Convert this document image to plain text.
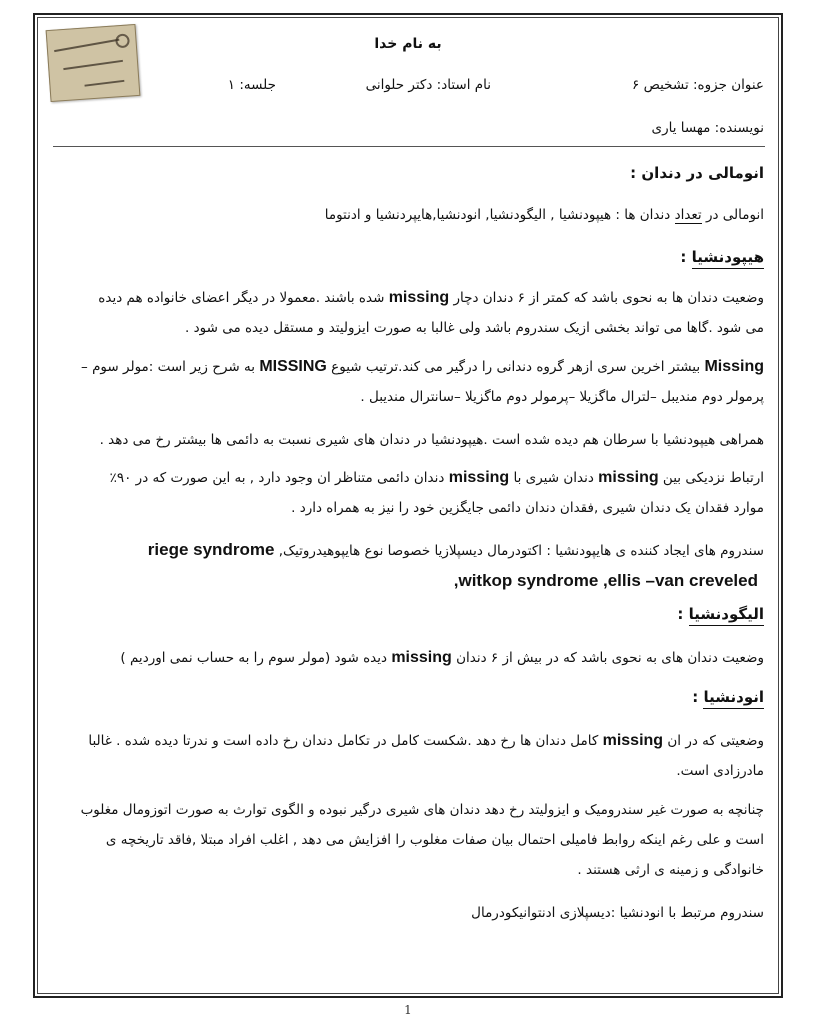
به نام خدا
عنوان جزوه: تشخیص ۶
نام استاد: دکتر حلوانی
جلسه: ۱
نویسنده: مهسا یاری
انومالی در دندان :
انومالی در تعداد دندان ها : هیپودنشیا , الیگودنشیا, انودنشیا,هایپردنشیا و ادنتوما
هیپودنشیا :
وضعیت دندان ها به نحوی باشد که کمتر از ۶ دندان دچار missing شده باشند .معمولا در دیگر اعضای خانواده هم دیده
می شود .گاها می تواند بخشی ازیک سندروم باشد ولی غالبا به صورت ایزولیتد و مستقل دیده می شود .
Missing بیشتر اخرین سری ازهر گروه دندانی را درگیر می کند.ترتیب شیوع MISSING به شرح زیر است :مولر سوم –
پرمولر دوم مندیبل –لترال ماگزیلا –پرمولر دوم ماگزیلا –سانترال مندیبل .
همراهی هیپودنشیا با سرطان هم دیده شده است .هیپودنشیا در دندان های شیری نسبت به دائمی ها بیشتر رخ می دهد .
ارتباط نزدیکی بین missing دندان شیری با missing دندان دائمی متناظر ان وجود دارد , به این صورت که در ۹۰٪
موارد فقدان یک دندان شیری ,فقدان دندان دائمی جایگزین خود را نیز به همراه دارد .
سندروم های ایجاد کننده ی هایپودنشیا : اکتودرمال دیسپلازیا خصوصا نوع هایپوهیدروتیک, riege syndrome
,witkop syndrome ,ellis –van creveled
الیگودنشیا :
وضعیت دندان های به نحوی باشد که در بیش از ۶ دندان missing دیده شود (مولر سوم را به حساب نمی اوردیم )
انودنشیا :
وضعیتی که در ان missing کامل دندان ها رخ دهد .شکست کامل در تکامل دندان رخ داده است و ندرتا دیده شده . غالبا
مادرزادی است.
چنانچه به صورت غیر سندرومیک و ایزولیتد رخ دهد دندان های شیری درگیر نبوده و الگوی توارث به صورت اتوزومال مغلوب
است و علی رغم اینکه روابط فامیلی احتمال بیان صفات مغلوب را افزایش می دهد , اغلب افراد مبتلا ,فاقد تاریخچه ی
خانوادگی و زمینه ی ارثی هستند .
سندروم مرتبط با انودنشیا :دیسپلازی ادنتوانیکودرمال
1
